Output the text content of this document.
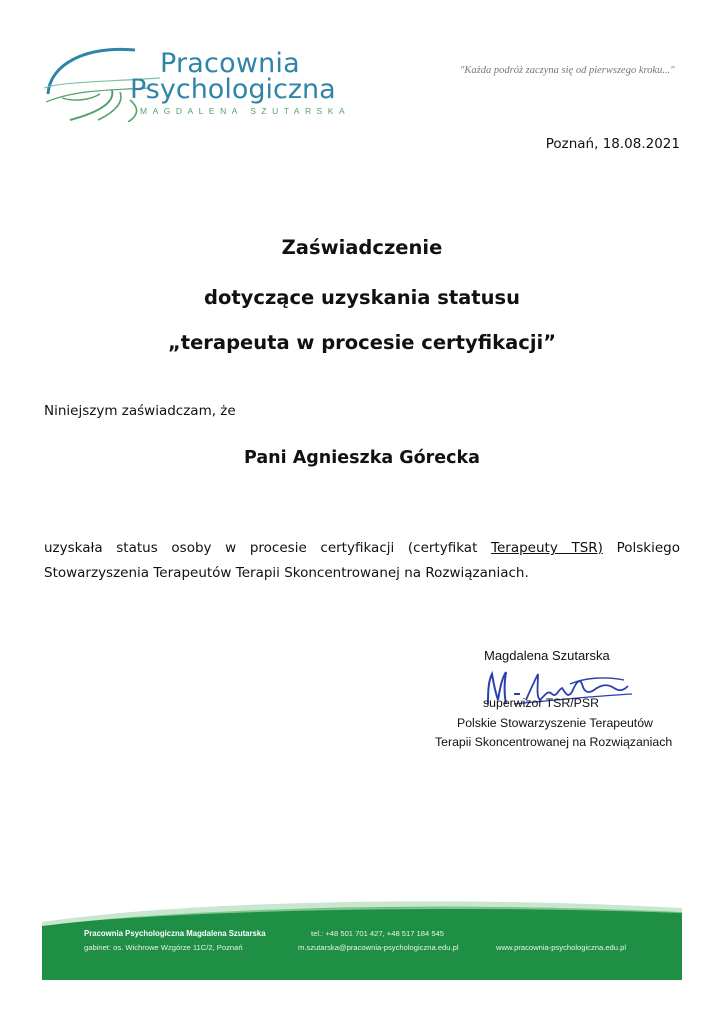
Pracownia
Psychologiczna
MAGDALENA SZUTARSKA
"Każda podróż zaczyna się od pierwszego kroku..."
Poznań, 18.08.2021
Zaświadczenie
dotyczące uzyskania statusu
„terapeuta w procesie certyfikacji”
Niniejszym zaświadczam, że
Pani Agnieszka Górecka
uzyskała status osoby w procesie certyfikacji (certyfikat Terapeuty TSR) Polskiego Stowarzyszenia Terapeutów Terapii Skoncentrowanej na Rozwiązaniach.
Magdalena Szutarska
superwizor TSR/PSR
Polskie Stowarzyszenie Terapeutów
Terapii Skoncentrowanej na Rozwiązaniach
Pracownia Psychologiczna Magdalena Szutarska
gabinet: os. Wichrowe Wzgórze 11C/2, Poznań
tel.: +48 501 701 427, +48 517 184 545
m.szutarska@pracownia-psychologiczna.edu.pl	www.pracownia-psychologiczna.edu.pl
